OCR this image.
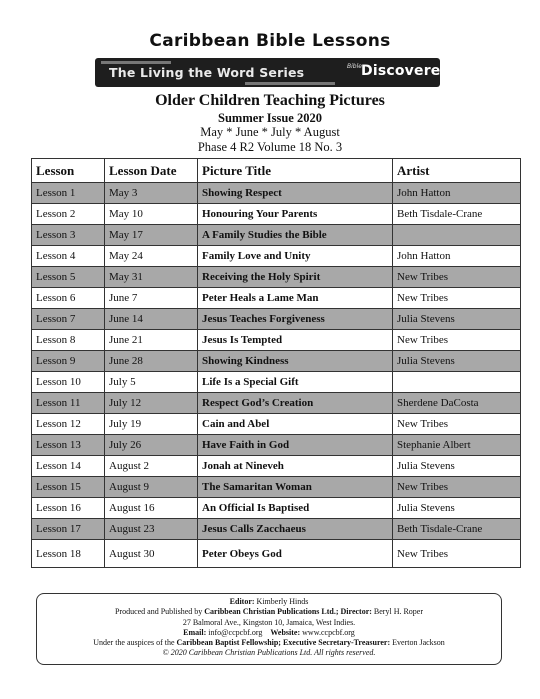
Caribbean Bible Lessons
The Living the Word Series	Bible Discoverers
Older Children Teaching Pictures
Summer Issue 2020
May * June * July * August
Phase 4 R2 Volume 18 No. 3
Lesson	Lesson Date	Picture Title	Artist
Lesson 1	May 3	Showing Respect	John Hatton
Lesson 2	May 10	Honouring Your Parents	Beth Tisdale-Crane
Lesson 3	May 17	A Family Studies the Bible	
Lesson 4	May 24	Family Love and Unity	John Hatton
Lesson 5	May 31	Receiving the Holy Spirit	New Tribes
Lesson 6	June 7	Peter Heals a Lame Man	New Tribes
Lesson 7	June 14	Jesus Teaches Forgiveness	Julia Stevens
Lesson 8	June 21	Jesus Is Tempted	New Tribes
Lesson 9	June 28	Showing Kindness	Julia Stevens
Lesson 10	July 5	Life Is a Special Gift	
Lesson 11	July 12	Respect God’s Creation	Sherdene DaCosta
Lesson 12	July 19	Cain and Abel	New Tribes
Lesson 13	July 26	Have Faith in God	Stephanie Albert
Lesson 14	August 2	Jonah at Nineveh	Julia Stevens
Lesson 15	August 9	The Samaritan Woman	New Tribes
Lesson 16	August 16	An Official Is Baptised	Julia Stevens
Lesson 17	August 23	Jesus Calls Zacchaeus	Beth Tisdale-Crane
Lesson 18	August 30	Peter Obeys God	New Tribes
Editor: Kimberly Hinds
Produced and Published by Caribbean Christian Publications Ltd.; Director: Beryl H. Roper
27 Balmoral Ave., Kingston 10, Jamaica, West Indies.
Email: info@ccpcbf.org Website: www.ccpcbf.org
Under the auspices of the Caribbean Baptist Fellowship; Executive Secretary-Treasurer: Everton Jackson
© 2020 Caribbean Christian Publications Ltd. All rights reserved.
